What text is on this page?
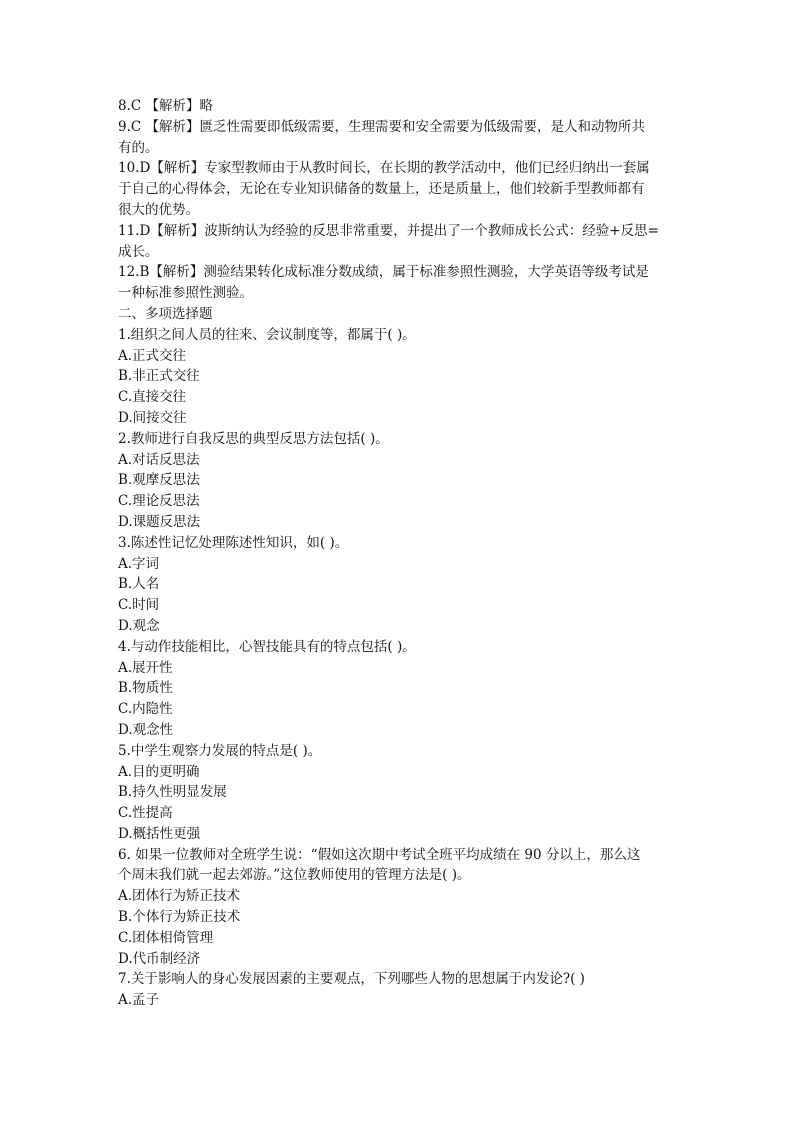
8.C 【解析】略
9.C 【解析】匮乏性需要即低级需要，生理需要和安全需要为低级需要，是人和动物所共
有的。
10.D【解析】专家型教师由于从教时间长，在长期的教学活动中，他们已经归纳出一套属
于自己的心得体会，无论在专业知识储备的数量上，还是质量上，他们较新手型教师都有
很大的优势。
11.D【解析】波斯纳认为经验的反思非常重要，并提出了一个教师成长公式：经验+反思=
成长。
12.B【解析】测验结果转化成标准分数成绩，属于标准参照性测验，大学英语等级考试是
一种标准参照性测验。
二、多项选择题
1.组织之间人员的往来、会议制度等，都属于( )。
A.正式交往
B.非正式交往
C.直接交往
D.间接交往
2.教师进行自我反思的典型反思方法包括( )。
A.对话反思法
B.观摩反思法
C.理论反思法
D.课题反思法
3.陈述性记忆处理陈述性知识，如( )。
A.字词
B.人名
C.时间
D.观念
4.与动作技能相比，心智技能具有的特点包括( )。
A.展开性
B.物质性
C.内隐性
D.观念性
5.中学生观察力发展的特点是( )。
A.目的更明确
B.持久性明显发展
C.性提高
D.概括性更强
6. 如果一位教师对全班学生说：“假如这次期中考试全班平均成绩在 90 分以上，那么这
个周末我们就一起去郊游。”这位教师使用的管理方法是( )。
A.团体行为矫正技术
B.个体行为矫正技术
C.团体相倚管理
D.代币制经济
7.关于影响人的身心发展因素的主要观点，下列哪些人物的思想属于内发论?( )
A.孟子
